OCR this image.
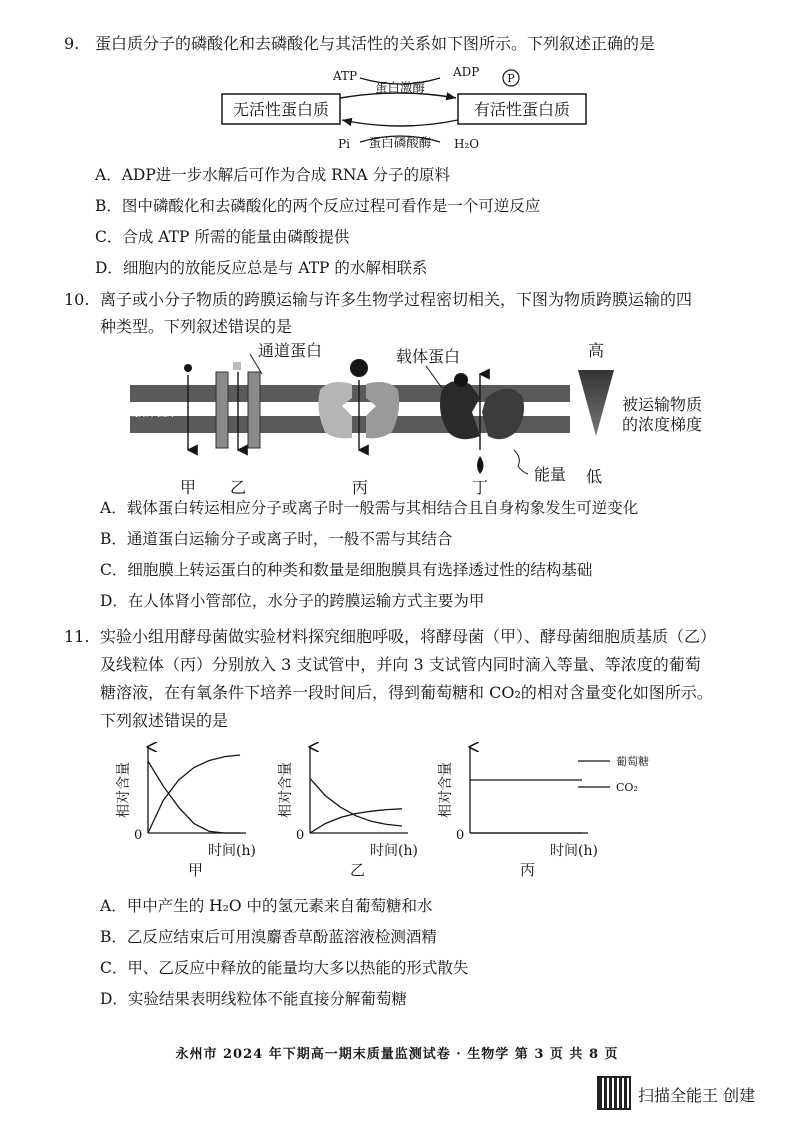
9. 蛋白质分子的磷酸化和去磷酸化与其活性的关系如下图所示。下列叙述正确的是
无活性蛋白质	有活性蛋白质
ATP	ADP	P
蛋白激酶
Pi	H₂O
蛋白磷酸酶
A．ADP进一步水解后可作为合成 RNA 分子的原料
B．图中磷酸化和去磷酸化的两个反应过程可看作是一个可逆反应
C．合成 ATP 所需的能量由磷酸提供
D．细胞内的放能反应总是与 ATP 的水解相联系
10. 离子或小分子物质的跨膜运输与许多生物学过程密切相关，下图为物质跨膜运输的四
种类型。下列叙述错误的是
脂双层
通道蛋白	载体蛋白
能量
高
被运输物质
的浓度梯度
低
甲 乙	丙	丁
A．载体蛋白转运相应分子或离子时一般需与其相结合且自身构象发生可逆变化
B．通道蛋白运输分子或离子时，一般不需与其结合
C．细胞膜上转运蛋白的种类和数量是细胞膜具有选择透过性的结构基础
D．在人体肾小管部位，水分子的跨膜运输方式主要为甲
11. 实验小组用酵母菌做实验材料探究细胞呼吸，将酵母菌（甲）、酵母菌细胞质基质（乙）
及线粒体（丙）分别放入 3 支试管中，并向 3 支试管内同时滴入等量、等浓度的葡萄
糖溶液，在有氧条件下培养一段时间后，得到葡萄糖和 CO₂的相对含量变化如图所示。
下列叙述错误的是
0
相对含量
时间(h)
甲
0
相对含量
时间(h)
乙
0
相对含量
时间(h)
丙
葡萄糖
CO₂
A．甲中产生的 H₂O 中的氢元素来自葡萄糖和水
B．乙反应结束后可用溴麝香草酚蓝溶液检测酒精
C．甲、乙反应中释放的能量均大多以热能的形式散失
D．实验结果表明线粒体不能直接分解葡萄糖
永州市 2024 年下期高一期末质量监测试卷 · 生物学 第 3 页 共 8 页
扫描全能王 创建
